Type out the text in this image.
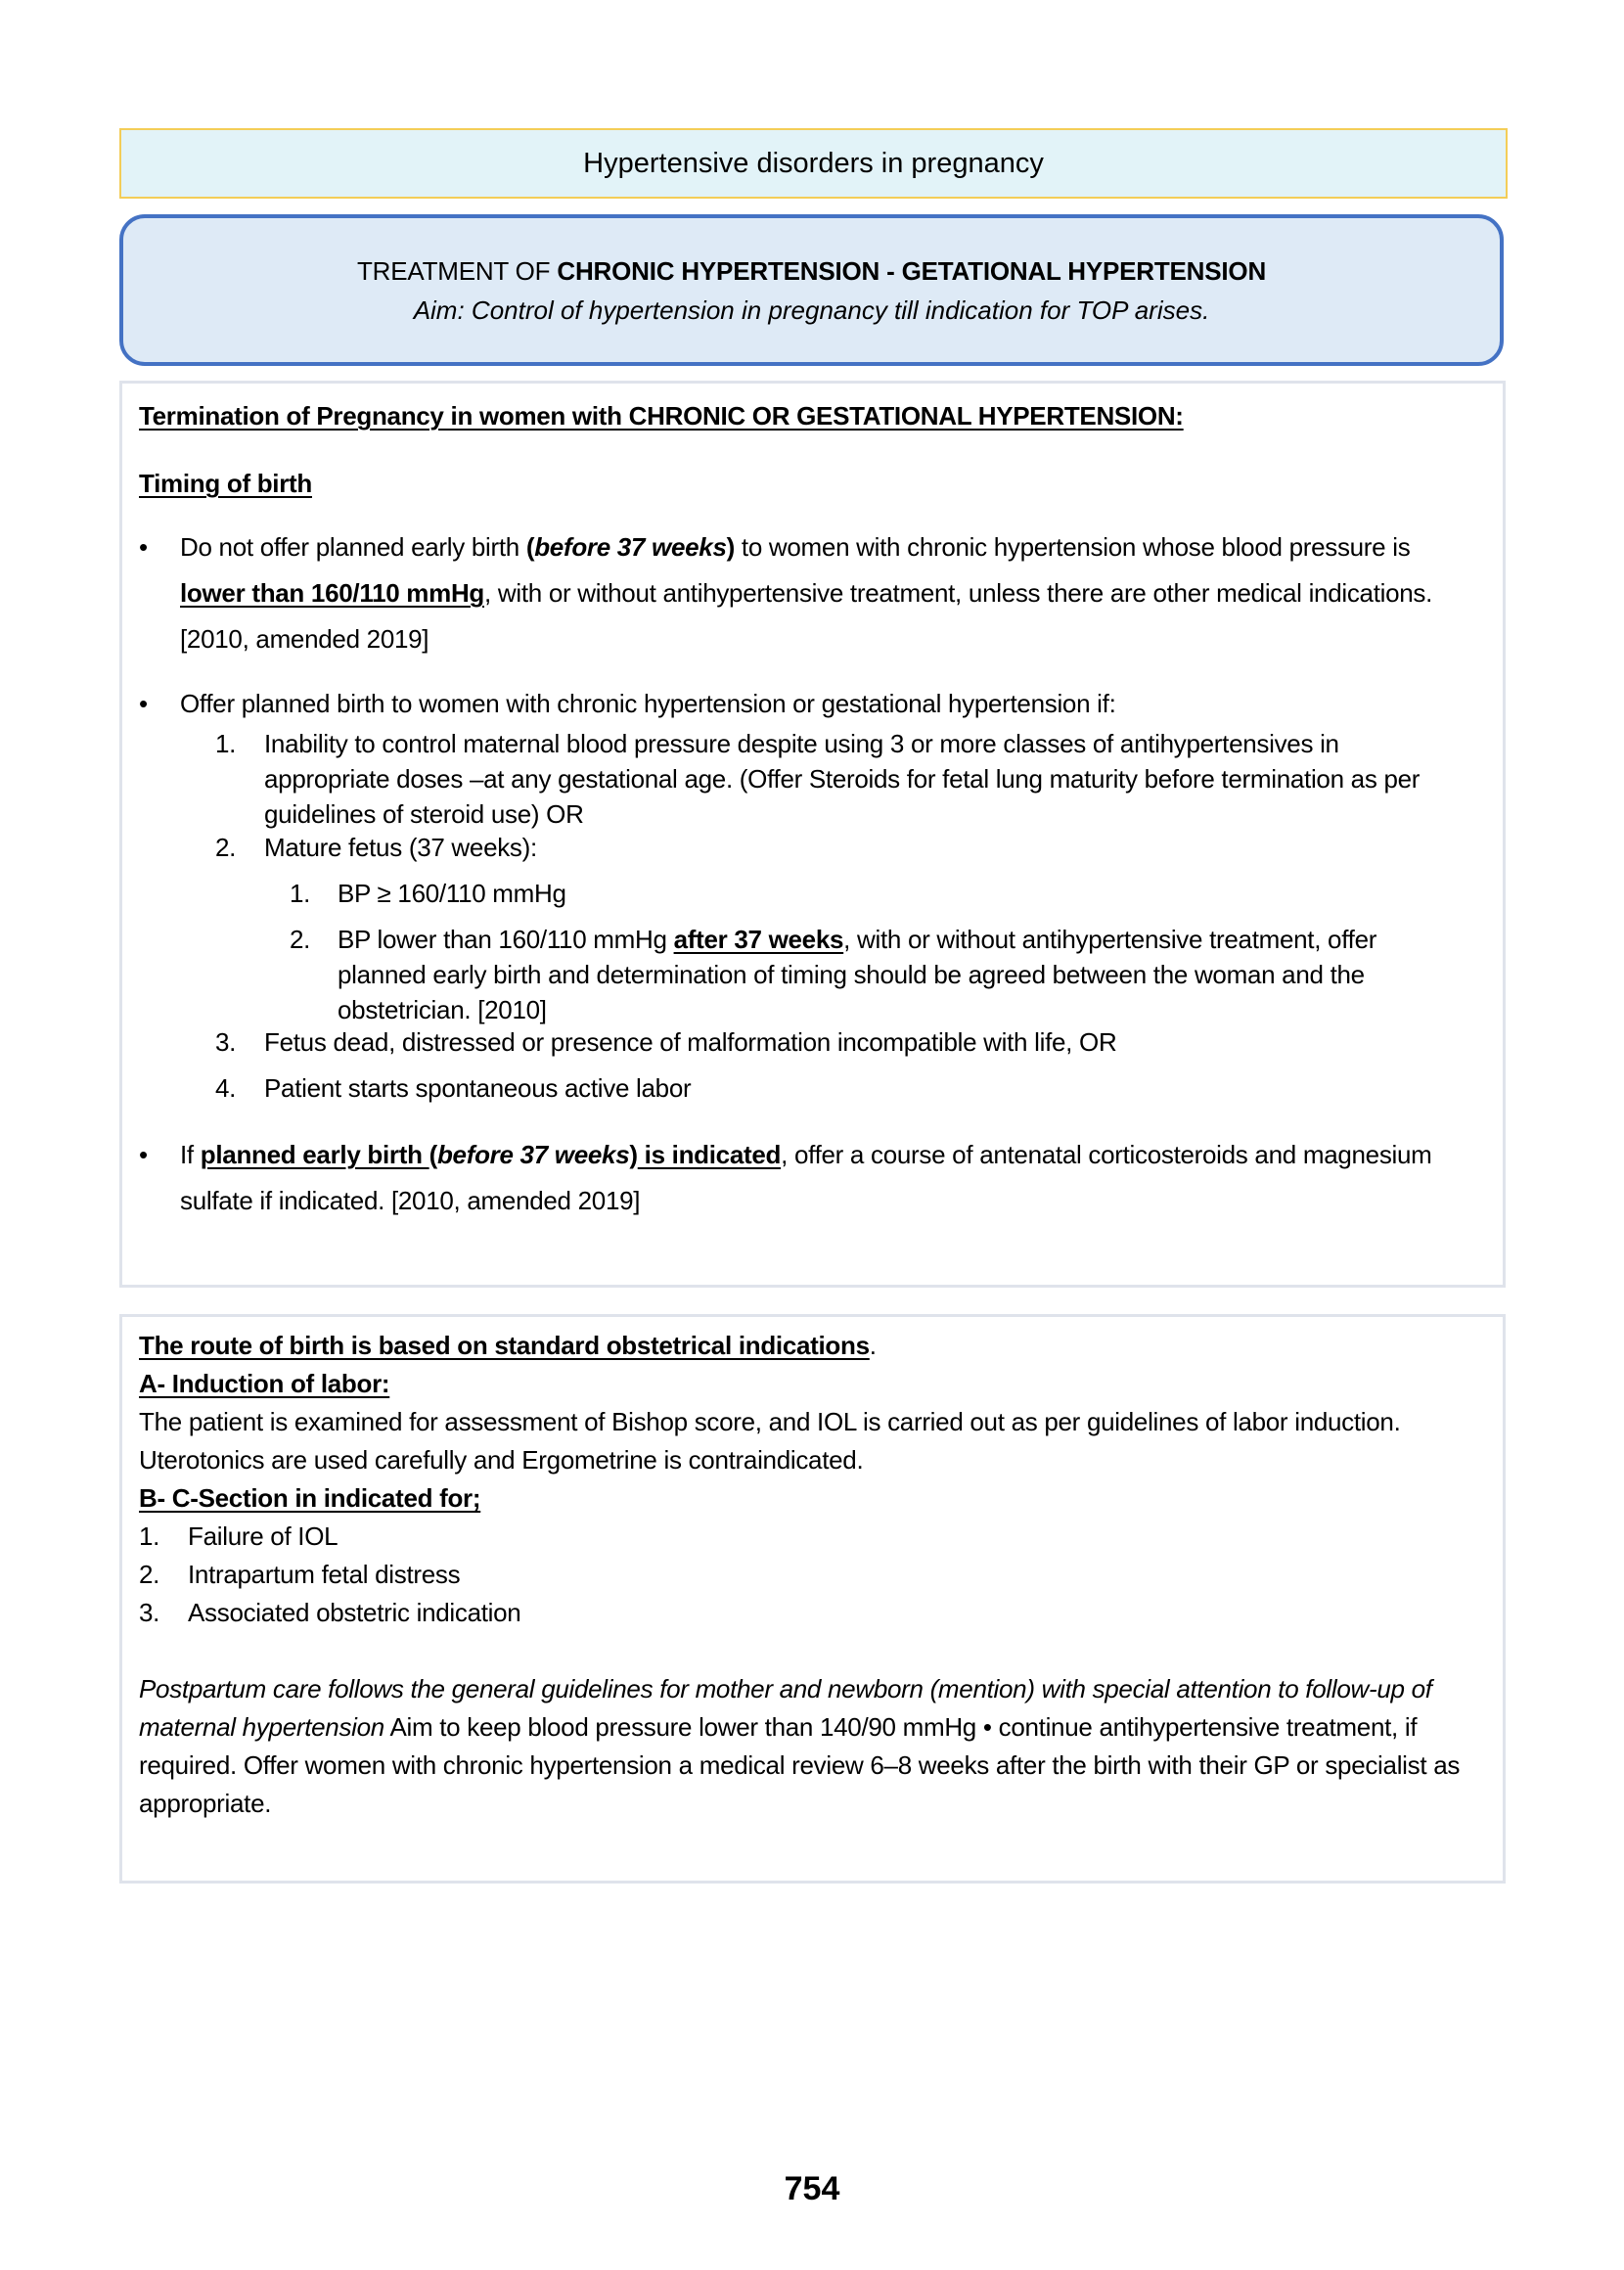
Hypertensive disorders in pregnancy
TREATMENT OF CHRONIC HYPERTENSION - GETATIONAL HYPERTENSION
Aim: Control of hypertension in pregnancy till indication for TOP arises.
Termination of Pregnancy in women with CHRONIC OR GESTATIONAL HYPERTENSION:
Timing of birth
•	Do not offer planned early birth (before 37 weeks) to women with chronic hypertension whose blood pressure is lower than 160/110 mmHg, with or without antihypertensive treatment, unless there are other medical indications. [2010, amended 2019]
•	Offer planned birth to women with chronic hypertension or gestational hypertension if:
1. Inability to control maternal blood pressure despite using 3 or more classes of antihypertensives in appropriate doses –at any gestational age. (Offer Steroids for fetal lung maturity before termination as per guidelines of steroid use) OR
2. Mature fetus (37 weeks):
1. BP ≥ 160/110 mmHg
2. BP lower than 160/110 mmHg after 37 weeks, with or without antihypertensive treatment, offer planned early birth and determination of timing should be agreed between the woman and the obstetrician. [2010]
3. Fetus dead, distressed or presence of malformation incompatible with life, OR
4. Patient starts spontaneous active labor
•	If planned early birth (before 37 weeks) is indicated, offer a course of antenatal corticosteroids and magnesium sulfate if indicated. [2010, amended 2019]
The route of birth is based on standard obstetrical indications.
A- Induction of labor:
The patient is examined for assessment of Bishop score, and IOL is carried out as per guidelines of labor induction. Uterotonics are used carefully and Ergometrine is contraindicated.
B- C-Section in indicated for;
1. Failure of IOL
2. Intrapartum fetal distress
3. Associated obstetric indication
Postpartum care follows the general guidelines for mother and newborn (mention) with special attention to follow-up of maternal hypertension Aim to keep blood pressure lower than 140/90 mmHg • continue antihypertensive treatment, if required. Offer women with chronic hypertension a medical review 6–8 weeks after the birth with their GP or specialist as appropriate.
754
